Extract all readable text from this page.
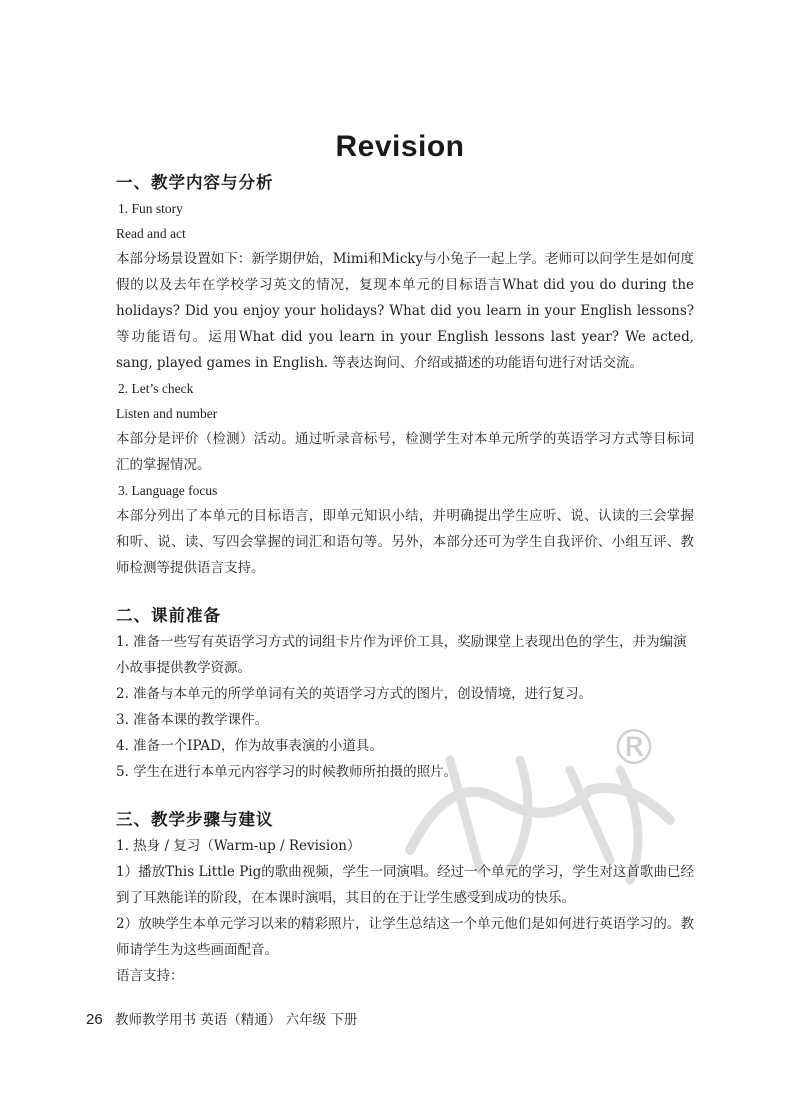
Revision

一、教学内容与分析

1. Fun story

Read and act

本部分场景设置如下：新学期伊始，Mimi和Micky与小兔子一起上学。老师可以问学生是如何度假的以及去年在学校学习英文的情况，复现本单元的目标语言What did you do during the holidays? Did you enjoy your holidays? What did you learn in your English lessons? 等功能语句。运用What did you learn in your English lessons last year? We acted, sang, played games in English. 等表达询问、介绍或描述的功能语句进行对话交流。

2. Let’s check

Listen and number

本部分是评价（检测）活动。通过听录音标号，检测学生对本单元所学的英语学习方式等目标词汇的掌握情况。

3. Language focus

本部分列出了本单元的目标语言，即单元知识小结，并明确提出学生应听、说、认读的三会掌握和听、说、读、写四会掌握的词汇和语句等。另外，本部分还可为学生自我评价、小组互评、教师检测等提供语言支持。

二、课前准备

1. 准备一些写有英语学习方式的词组卡片作为评价工具，奖励课堂上表现出色的学生，并为编演小故事提供教学资源。

2. 准备与本单元的所学单词有关的英语学习方式的图片，创设情境，进行复习。

3. 准备本课的教学课件。

4. 准备一个IPAD，作为故事表演的小道具。

5. 学生在进行本单元内容学习的时候教师所拍摄的照片。

三、教学步骤与建议

1. 热身 / 复习（Warm-up / Revision）

1）播放This Little Pig的歌曲视频，学生一同演唱。经过一个单元的学习，学生对这首歌曲已经到了耳熟能详的阶段，在本课时演唱，其目的在于让学生感受到成功的快乐。

2）放映学生本单元学习以来的精彩照片，让学生总结这一个单元他们是如何进行英语学习的。教师请学生为这些画面配音。

语言支持：

®
26 教师教学用书 英语（精通） 六年级 下册
